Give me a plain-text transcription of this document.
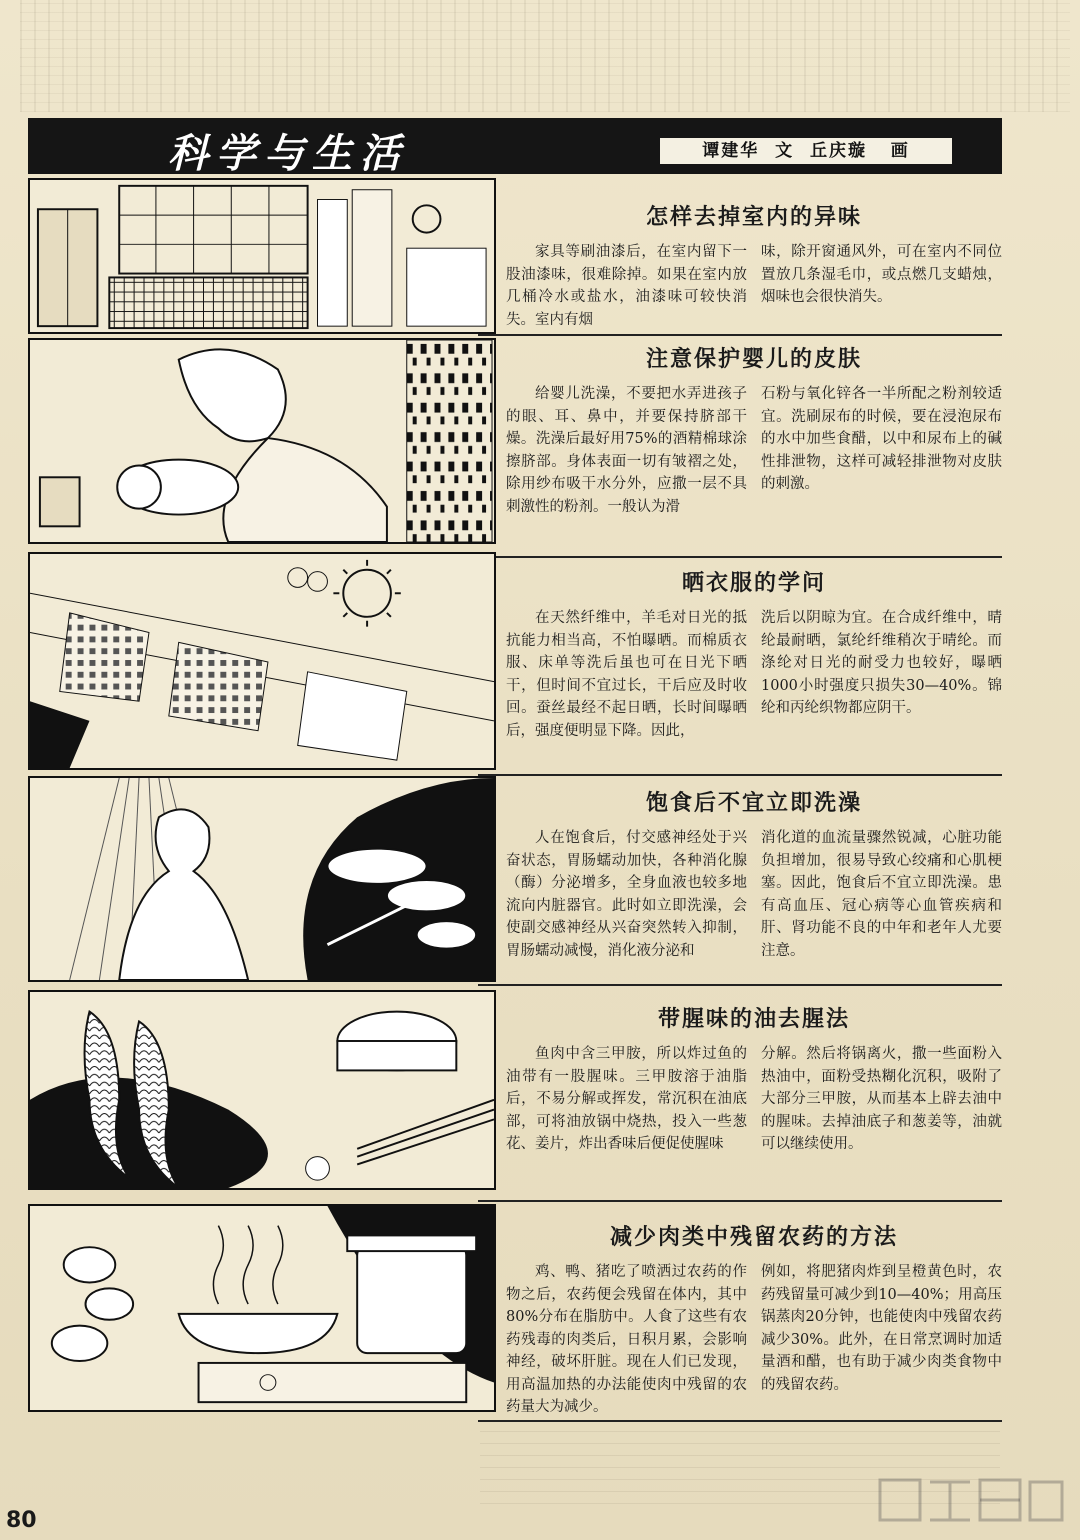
科学与生活	谭建华  文  丘庆璇   画
怎样去掉室内的异味
家具等刷油漆后，在室内留下一股油漆味，很难除掉。如果在室内放几桶冷水或盐水，油漆味可较快消失。室内有烟
味，除开窗通风外，可在室内不同位置放几条湿毛巾，或点燃几支蜡烛，烟味也会很快消失。
注意保护婴儿的皮肤
给婴儿洗澡，不要把水弄进孩子的眼、耳、鼻中，并要保持脐部干燥。洗澡后最好用75%的酒精棉球涂擦脐部。身体表面一切有皱褶之处，除用纱布吸干水分外，应撒一层不具刺激性的粉剂。一般认为滑
石粉与氧化锌各一半所配之粉剂较适宜。洗刷尿布的时候，要在浸泡尿布的水中加些食醋，以中和尿布上的碱性排泄物，这样可减轻排泄物对皮肤的刺激。
晒衣服的学问
在天然纤维中，羊毛对日光的抵抗能力相当高，不怕曝晒。而棉质衣服、床单等洗后虽也可在日光下晒干，但时间不宜过长，干后应及时收回。蚕丝最经不起日晒，长时间曝晒后，强度便明显下降。因此，
洗后以阴晾为宜。在合成纤维中，晴纶最耐晒，氯纶纤维稍次于晴纶。而涤纶对日光的耐受力也较好，曝晒1000小时强度只损失30—40%。锦纶和丙纶织物都应阴干。
饱食后不宜立即洗澡
人在饱食后，付交感神经处于兴奋状态，胃肠蠕动加快，各种消化腺（酶）分泌增多，全身血液也较多地流向内脏器官。此时如立即洗澡，会使副交感神经从兴奋突然转入抑制，胃肠蠕动减慢，消化液分泌和
消化道的血流量骤然锐减，心脏功能负担增加，很易导致心绞痛和心肌梗塞。因此，饱食后不宜立即洗澡。患有高血压、冠心病等心血管疾病和肝、肾功能不良的中年和老年人尤要注意。
带腥味的油去腥法
鱼肉中含三甲胺，所以炸过鱼的油带有一股腥味。三甲胺溶于油脂后，不易分解或挥发，常沉积在油底部，可将油放锅中烧热，投入一些葱花、姜片，炸出香味后便促使腥味
分解。然后将锅离火，撒一些面粉入热油中，面粉受热糊化沉积，吸附了大部分三甲胺，从而基本上辟去油中的腥味。去掉油底子和葱姜等，油就可以继续使用。
减少肉类中残留农药的方法
鸡、鸭、猪吃了喷洒过农药的作物之后，农药便会残留在体内，其中80%分布在脂肪中。人食了这些有农药残毒的肉类后，日积月累，会影响神经，破坏肝脏。现在人们已发现，用高温加热的办法能使肉中残留的农药量大为减少。
例如，将肥猪肉炸到呈橙黄色时，农药残留量可减少到10—40%；用高压锅蒸肉20分钟，也能使肉中残留农药减少30%。此外，在日常烹调时加适量酒和醋，也有助于减少肉类食物中的残留农药。
80
